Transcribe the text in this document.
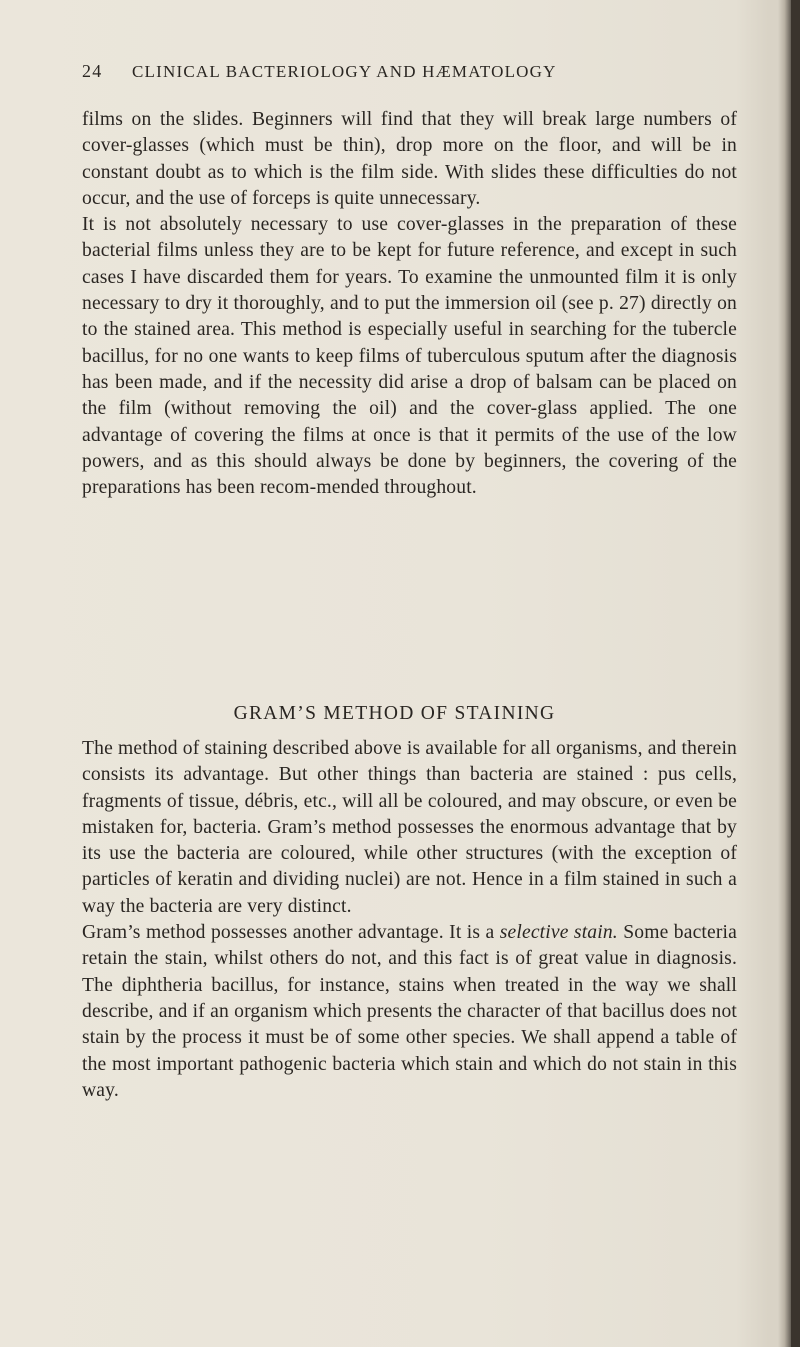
24 CLINICAL BACTERIOLOGY AND HÆMATOLOGY

films on the slides. Beginners will find that they will break large numbers of cover-glasses (which must be thin), drop more on the floor, and will be in constant doubt as to which is the film side. With slides these difficulties do not occur, and the use of forceps is quite unnecessary.

It is not absolutely necessary to use cover-glasses in the preparation of these bacterial films unless they are to be kept for future reference, and except in such cases I have discarded them for years. To examine the unmounted film it is only necessary to dry it thoroughly, and to put the immersion oil (see p. 27) directly on to the stained area. This method is especially useful in searching for the tubercle bacillus, for no one wants to keep films of tuberculous sputum after the diagnosis has been made, and if the necessity did arise a drop of balsam can be placed on the film (without removing the oil) and the cover-glass applied. The one advantage of covering the films at once is that it permits of the use of the low powers, and as this should always be done by beginners, the covering of the preparations has been recom-mended throughout.

GRAM’S METHOD OF STAINING

The method of staining described above is available for all organisms, and therein consists its advantage. But other things than bacteria are stained : pus cells, fragments of tissue, débris, etc., will all be coloured, and may obscure, or even be mistaken for, bacteria. Gram’s method possesses the enormous advantage that by its use the bacteria are coloured, while other structures (with the exception of particles of keratin and dividing nuclei) are not. Hence in a film stained in such a way the bacteria are very distinct.

Gram’s method possesses another advantage. It is a selective stain. Some bacteria retain the stain, whilst others do not, and this fact is of great value in diagnosis. The diphtheria bacillus, for instance, stains when treated in the way we shall describe, and if an organism which presents the character of that bacillus does not stain by the process it must be of some other species. We shall append a table of the most important pathogenic bacteria which stain and which do not stain in this way.
